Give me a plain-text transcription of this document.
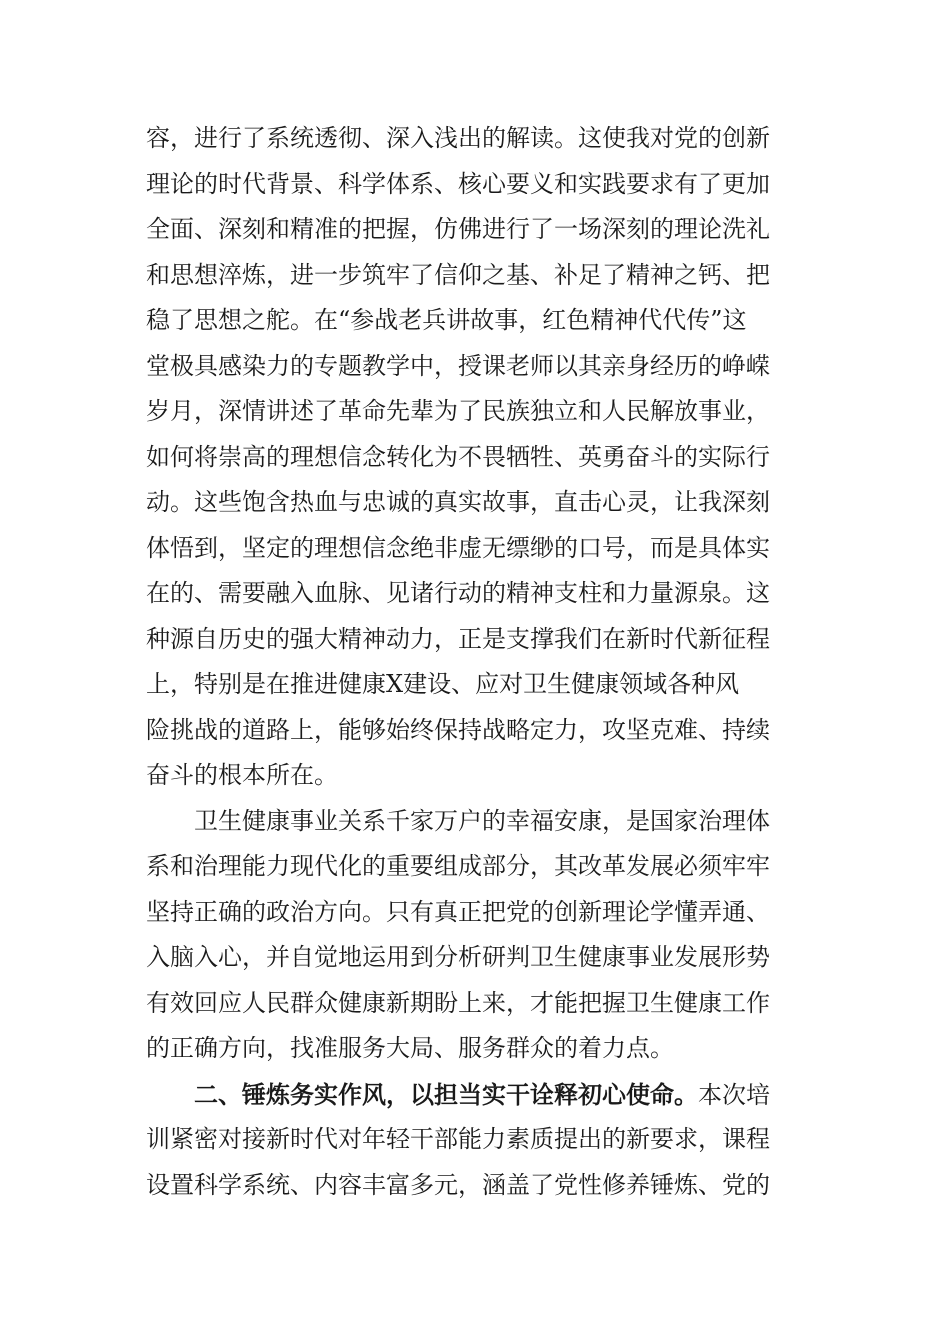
容，进行了系统透彻、深入浅出的解读。这使我对党的创新
理论的时代背景、科学体系、核心要义和实践要求有了更加
全面、深刻和精准的把握，仿佛进行了一场深刻的理论洗礼
和思想淬炼，进一步筑牢了信仰之基、补足了精神之钙、把
稳了思想之舵。在“参战老兵讲故事，红色精神代代传”这
堂极具感染力的专题教学中，授课老师以其亲身经历的峥嵘
岁月，深情讲述了革命先辈为了民族独立和人民解放事业，
如何将崇高的理想信念转化为不畏牺牲、英勇奋斗的实际行
动。这些饱含热血与忠诚的真实故事，直击心灵，让我深刻
体悟到，坚定的理想信念绝非虚无缥缈的口号，而是具体实
在的、需要融入血脉、见诸行动的精神支柱和力量源泉。这
种源自历史的强大精神动力，正是支撑我们在新时代新征程
上，特别是在推进健康X建设、应对卫生健康领域各种风
险挑战的道路上，能够始终保持战略定力，攻坚克难、持续
奋斗的根本所在。
卫生健康事业关系千家万户的幸福安康，是国家治理体
系和治理能力现代化的重要组成部分，其改革发展必须牢牢
坚持正确的政治方向。只有真正把党的创新理论学懂弄通、
入脑入心，并自觉地运用到分析研判卫生健康事业发展形势
有效回应人民群众健康新期盼上来，才能把握卫生健康工作
的正确方向，找准服务大局、服务群众的着力点。
二、锤炼务实作风，以担当实干诠释初心使命。本次培
训紧密对接新时代对年轻干部能力素质提出的新要求，课程
设置科学系统、内容丰富多元，涵盖了党性修养锤炼、党的
